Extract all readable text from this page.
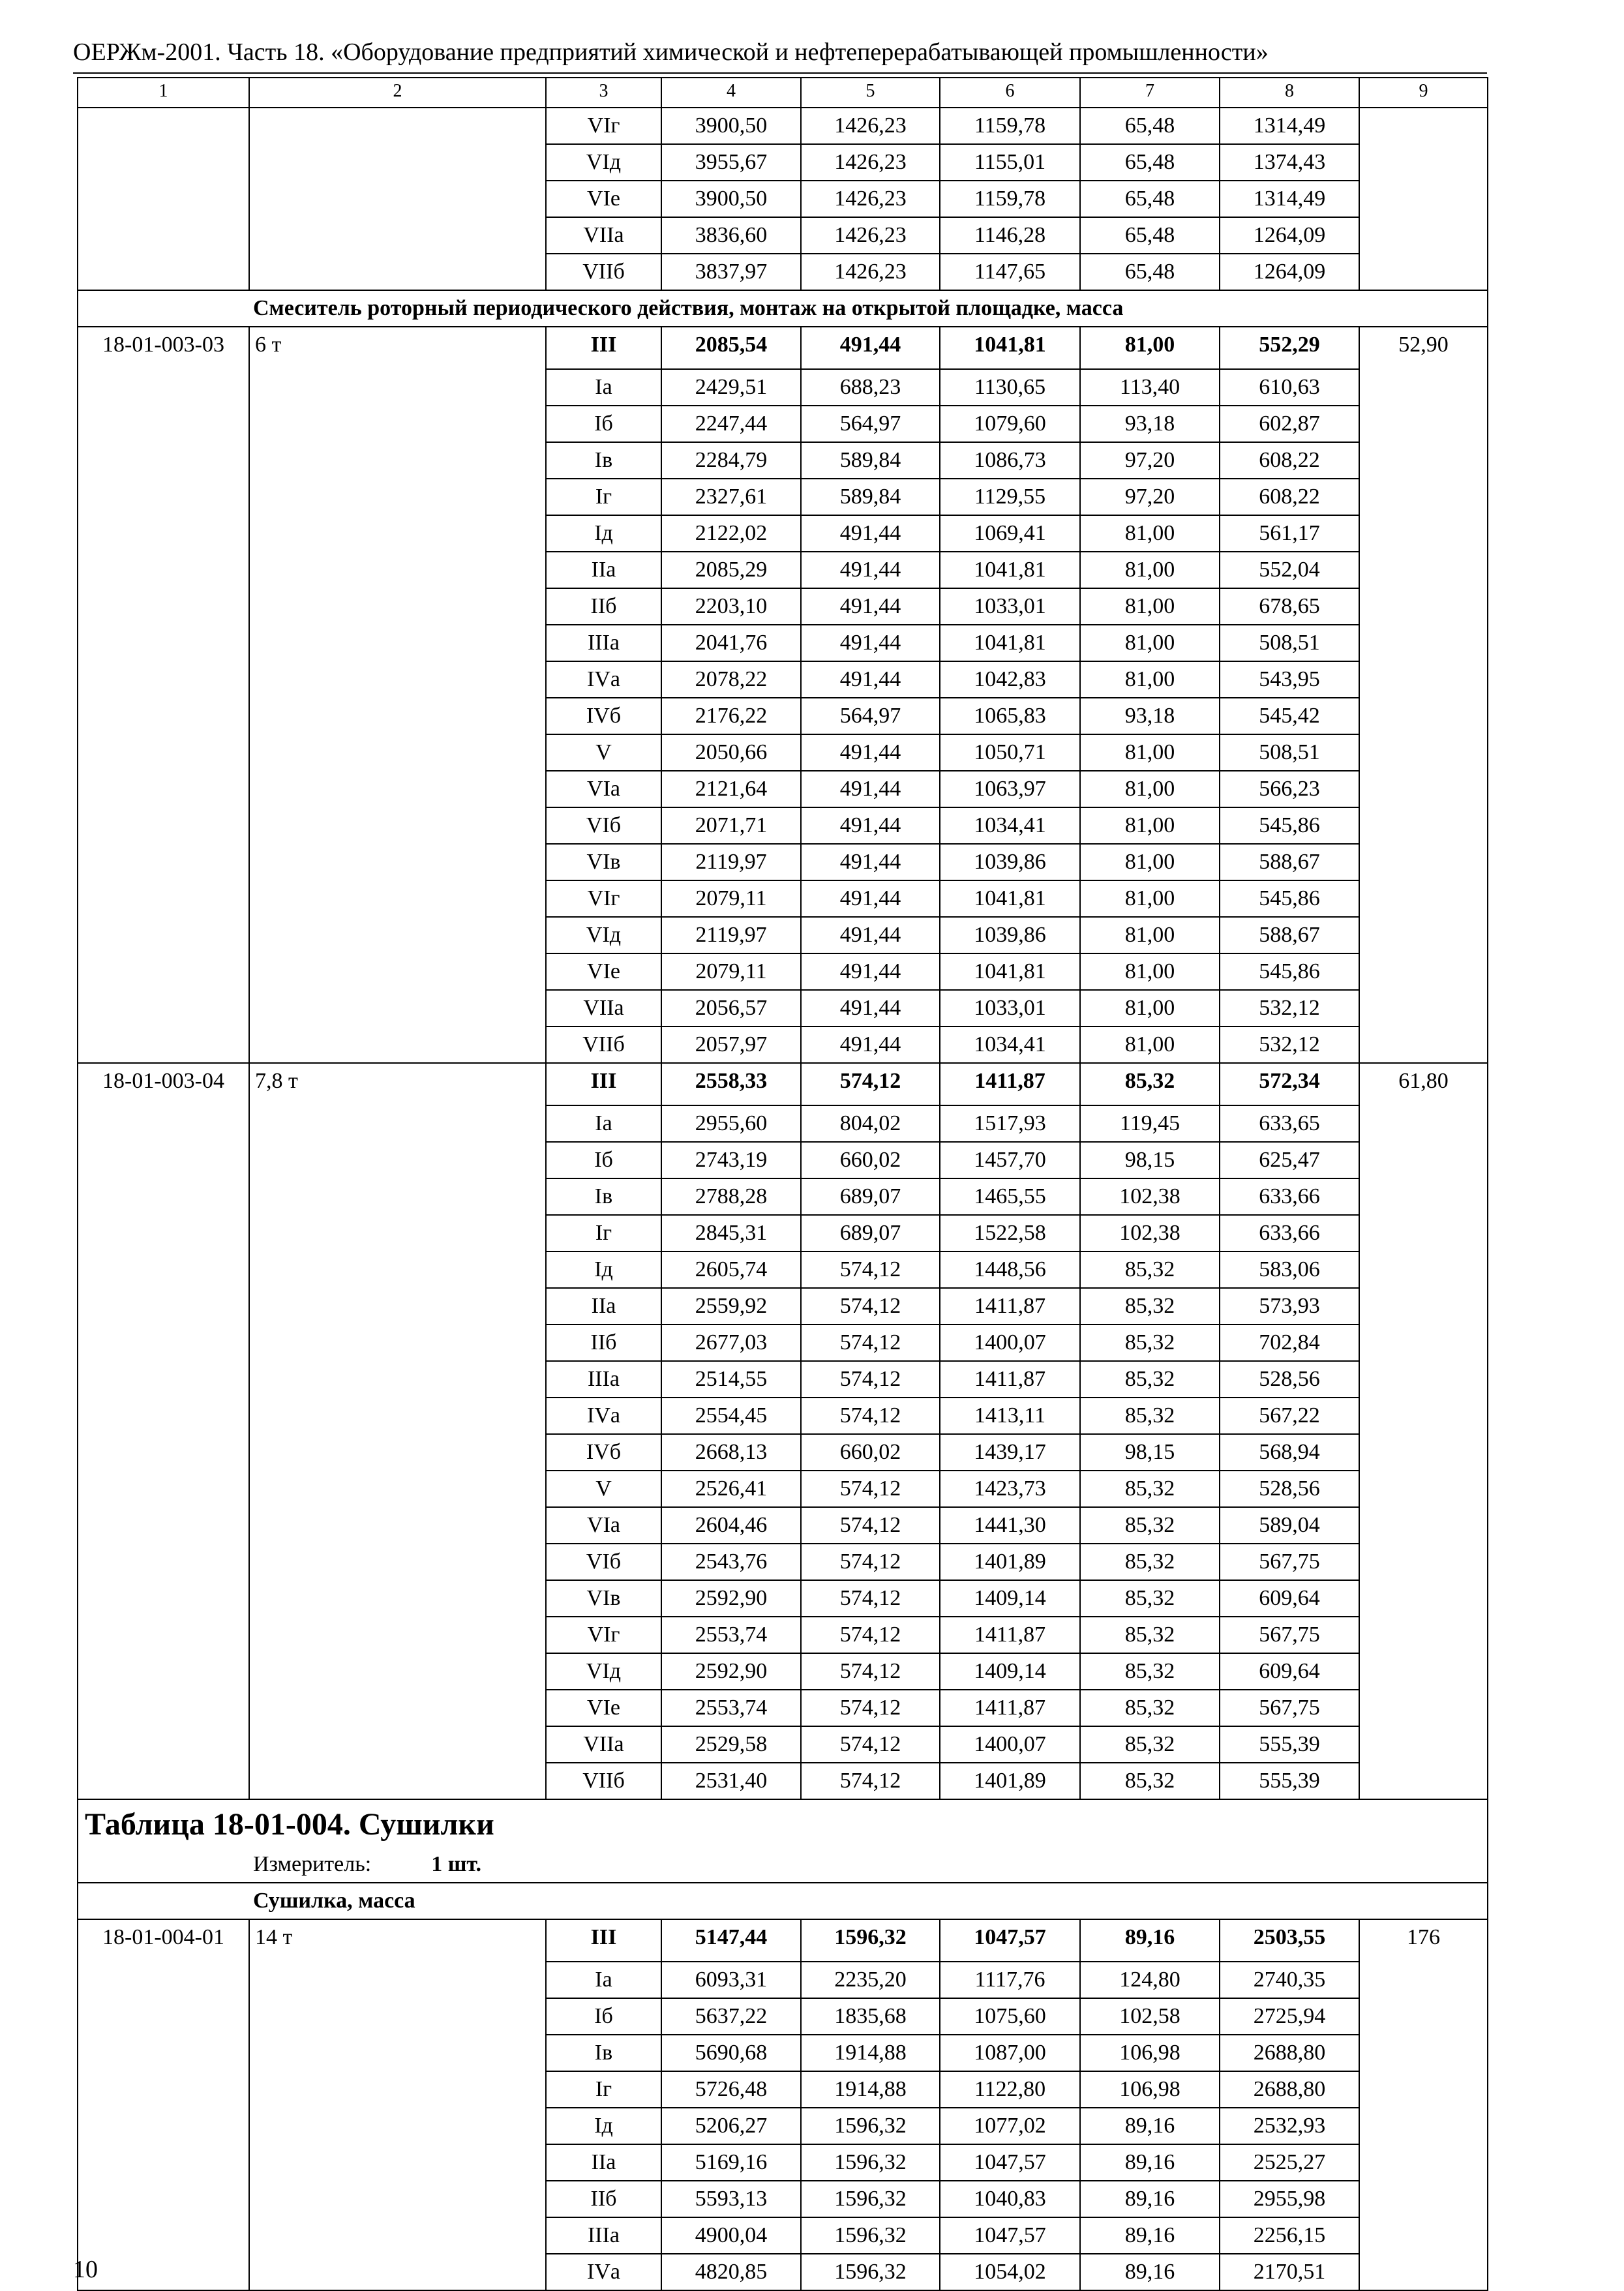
ОЕРЖм-2001. Часть 18. «Оборудование предприятий химической и нефтеперерабатывающей промышленности»
1	2	3	4	5	6	7	8	9
		VIг	3900,50	1426,23	1159,78	65,48	1314,49	
		VIд	3955,67	1426,23	1155,01	65,48	1374,43	
		VIе	3900,50	1426,23	1159,78	65,48	1314,49	
		VIIа	3836,60	1426,23	1146,28	65,48	1264,09	
		VIIб	3837,97	1426,23	1147,65	65,48	1264,09	
Смеситель роторный периодического действия, монтаж на открытой площадке, масса								
18-01-003-03	6 т	III	2085,54	491,44	1041,81	81,00	552,29	52,90
		Iа	2429,51	688,23	1130,65	113,40	610,63	
		Iб	2247,44	564,97	1079,60	93,18	602,87	
		Iв	2284,79	589,84	1086,73	97,20	608,22	
		Iг	2327,61	589,84	1129,55	97,20	608,22	
		Iд	2122,02	491,44	1069,41	81,00	561,17	
		IIа	2085,29	491,44	1041,81	81,00	552,04	
		IIб	2203,10	491,44	1033,01	81,00	678,65	
		IIIа	2041,76	491,44	1041,81	81,00	508,51	
		IVа	2078,22	491,44	1042,83	81,00	543,95	
		IVб	2176,22	564,97	1065,83	93,18	545,42	
		V	2050,66	491,44	1050,71	81,00	508,51	
		VIа	2121,64	491,44	1063,97	81,00	566,23	
		VIб	2071,71	491,44	1034,41	81,00	545,86	
		VIв	2119,97	491,44	1039,86	81,00	588,67	
		VIг	2079,11	491,44	1041,81	81,00	545,86	
		VIд	2119,97	491,44	1039,86	81,00	588,67	
		VIе	2079,11	491,44	1041,81	81,00	545,86	
		VIIа	2056,57	491,44	1033,01	81,00	532,12	
		VIIб	2057,97	491,44	1034,41	81,00	532,12	
18-01-003-04	7,8 т	III	2558,33	574,12	1411,87	85,32	572,34	61,80
		Iа	2955,60	804,02	1517,93	119,45	633,65	
		Iб	2743,19	660,02	1457,70	98,15	625,47	
		Iв	2788,28	689,07	1465,55	102,38	633,66	
		Iг	2845,31	689,07	1522,58	102,38	633,66	
		Iд	2605,74	574,12	1448,56	85,32	583,06	
		IIа	2559,92	574,12	1411,87	85,32	573,93	
		IIб	2677,03	574,12	1400,07	85,32	702,84	
		IIIа	2514,55	574,12	1411,87	85,32	528,56	
		IVа	2554,45	574,12	1413,11	85,32	567,22	
		IVб	2668,13	660,02	1439,17	98,15	568,94	
		V	2526,41	574,12	1423,73	85,32	528,56	
		VIа	2604,46	574,12	1441,30	85,32	589,04	
		VIб	2543,76	574,12	1401,89	85,32	567,75	
		VIв	2592,90	574,12	1409,14	85,32	609,64	
		VIг	2553,74	574,12	1411,87	85,32	567,75	
		VIд	2592,90	574,12	1409,14	85,32	609,64	
		VIе	2553,74	574,12	1411,87	85,32	567,75	
		VIIа	2529,58	574,12	1400,07	85,32	555,39	
		VIIб	2531,40	574,12	1401,89	85,32	555,39	
Таблица 18-01-004. Сушилки								
Измеритель: 1 шт.								
Сушилка, масса								
18-01-004-01	14 т	III	5147,44	1596,32	1047,57	89,16	2503,55	176
		Iа	6093,31	2235,20	1117,76	124,80	2740,35	
		Iб	5637,22	1835,68	1075,60	102,58	2725,94	
		Iв	5690,68	1914,88	1087,00	106,98	2688,80	
		Iг	5726,48	1914,88	1122,80	106,98	2688,80	
		Iд	5206,27	1596,32	1077,02	89,16	2532,93	
		IIа	5169,16	1596,32	1047,57	89,16	2525,27	
		IIб	5593,13	1596,32	1040,83	89,16	2955,98	
		IIIа	4900,04	1596,32	1047,57	89,16	2256,15	
		IVа	4820,85	1596,32	1054,02	89,16	2170,51	
10
